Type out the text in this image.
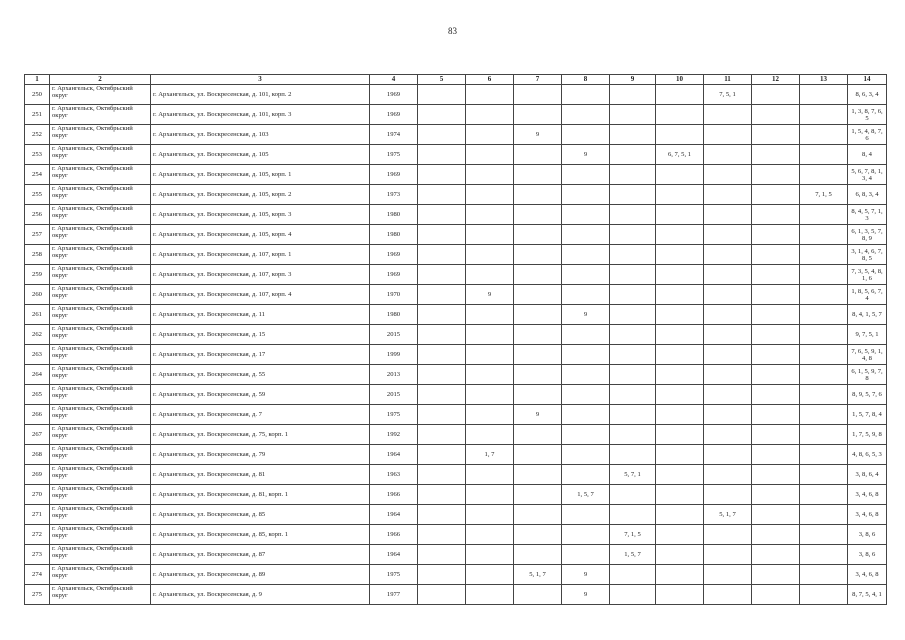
83
1	2	3	4	5	6	7	8	9	10	11	12	13	14
250	г. Архангельск, Октябрьский округ	г. Архангельск, ул. Воскресенская, д. 101, корп. 2	1969							7, 5, 1			8, 6, 3, 4
251	г. Архангельск, Октябрьский округ	г. Архангельск, ул. Воскресенская, д. 101, корп. 3	1969										1, 3, 8, 7, 6, 5
252	г. Архангельск, Октябрьский округ	г. Архангельск, ул. Воскресенская, д. 103	1974			9							1, 5, 4, 8, 7, 6
253	г. Архангельск, Октябрьский округ	г. Архангельск, ул. Воскресенская, д. 105	1975				9		6, 7, 5, 1				8, 4
254	г. Архангельск, Октябрьский округ	г. Архангельск, ул. Воскресенская, д. 105, корп. 1	1969										5, 6, 7, 8, 1, 3, 4
255	г. Архангельск, Октябрьский округ	г. Архангельск, ул. Воскресенская, д. 105, корп. 2	1973									7, 1, 5	6, 8, 3, 4
256	г. Архангельск, Октябрьский округ	г. Архангельск, ул. Воскресенская, д. 105, корп. 3	1980										8, 4, 5, 7, 1, 3
257	г. Архангельск, Октябрьский округ	г. Архангельск, ул. Воскресенская, д. 105, корп. 4	1980										6, 1, 3, 5, 7, 8, 9
258	г. Архангельск, Октябрьский округ	г. Архангельск, ул. Воскресенская, д. 107, корп. 1	1969										3, 1, 4, 6, 7, 8, 5
259	г. Архангельск, Октябрьский округ	г. Архангельск, ул. Воскресенская, д. 107, корп. 3	1969										7, 3, 5, 4, 8, 1, 6
260	г. Архангельск, Октябрьский округ	г. Архангельск, ул. Воскресенская, д. 107, корп. 4	1970		9								1, 8, 5, 6, 7, 4
261	г. Архангельск, Октябрьский округ	г. Архангельск, ул. Воскресенская, д. 11	1980				9						8, 4, 1, 5, 7
262	г. Архангельск, Октябрьский округ	г. Архангельск, ул. Воскресенская, д. 15	2015										9, 7, 5, 1
263	г. Архангельск, Октябрьский округ	г. Архангельск, ул. Воскресенская, д. 17	1999										7, 6, 5, 9, 1, 4, 8
264	г. Архангельск, Октябрьский округ	г. Архангельск, ул. Воскресенская, д. 55	2013										6, 1, 5, 9, 7, 8
265	г. Архангельск, Октябрьский округ	г. Архангельск, ул. Воскресенская, д. 59	2015										8, 9, 5, 7, 6
266	г. Архангельск, Октябрьский округ	г. Архангельск, ул. Воскресенская, д. 7	1975			9							1, 5, 7, 8, 4
267	г. Архангельск, Октябрьский округ	г. Архангельск, ул. Воскресенская, д. 75, корп. 1	1992										1, 7, 5, 9, 8
268	г. Архангельск, Октябрьский округ	г. Архангельск, ул. Воскресенская, д. 79	1964		1, 7								4, 8, 6, 5, 3
269	г. Архангельск, Октябрьский округ	г. Архангельск, ул. Воскресенская, д. 81	1963					5, 7, 1					3, 8, 6, 4
270	г. Архангельск, Октябрьский округ	г. Архангельск, ул. Воскресенская, д. 81, корп. 1	1966				1, 5, 7						3, 4, 6, 8
271	г. Архангельск, Октябрьский округ	г. Архангельск, ул. Воскресенская, д. 85	1964							5, 1, 7			3, 4, 6, 8
272	г. Архангельск, Октябрьский округ	г. Архангельск, ул. Воскресенская, д. 85, корп. 1	1966					7, 1, 5					3, 8, 6
273	г. Архангельск, Октябрьский округ	г. Архангельск, ул. Воскресенская, д. 87	1964					1, 5, 7					3, 8, 6
274	г. Архангельск, Октябрьский округ	г. Архангельск, ул. Воскресенская, д. 89	1975			5, 1, 7	9						3, 4, 6, 8
275	г. Архангельск, Октябрьский округ	г. Архангельск, ул. Воскресенская, д. 9	1977				9						8, 7, 5, 4, 1
